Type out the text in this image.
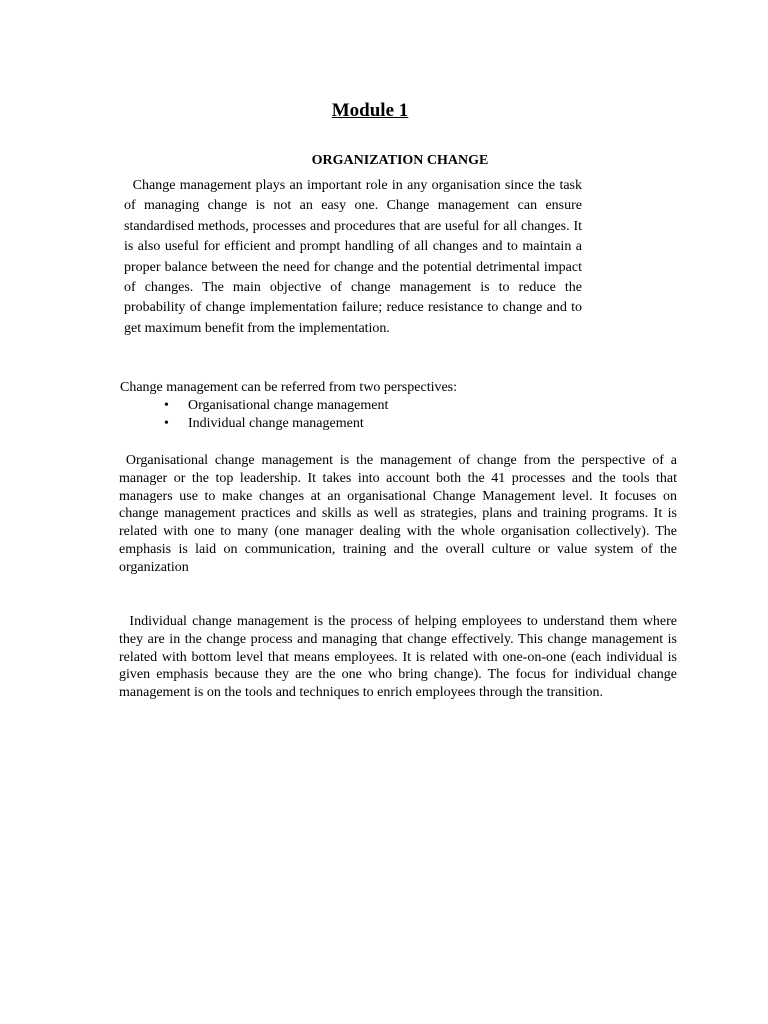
Module 1
ORGANIZATION CHANGE

Change management plays an important role in any organisation since the task of managing change is not an easy one. Change management can ensure standardised methods, processes and procedures that are useful for all changes. It is also useful for efficient and prompt handling of all changes and to maintain a proper balance between the need for change and the potential detrimental impact of changes. The main objective of change management is to reduce the probability of change implementation failure; reduce resistance to change and to get maximum benefit from the implementation.

Change management can be referred from two perspectives:

• Organisational change management
• Individual change management

Organisational change management is the management of change from the perspective of a manager or the top leadership. It takes into account both the 41 processes and the tools that managers use to make changes at an organisational Change Management level. It focuses on change management practices and skills as well as strategies, plans and training programs. It is related with one to many (one manager dealing with the whole organisation collectively). The emphasis is laid on communication, training and the overall culture or value system of the organization

Individual change management is the process of helping employees to understand them where they are in the change process and managing that change effectively. This change management is related with bottom level that means employees. It is related with one-on-one (each individual is given emphasis because they are the one who bring change). The focus for individual change management is on the tools and techniques to enrich employees through the transition.
